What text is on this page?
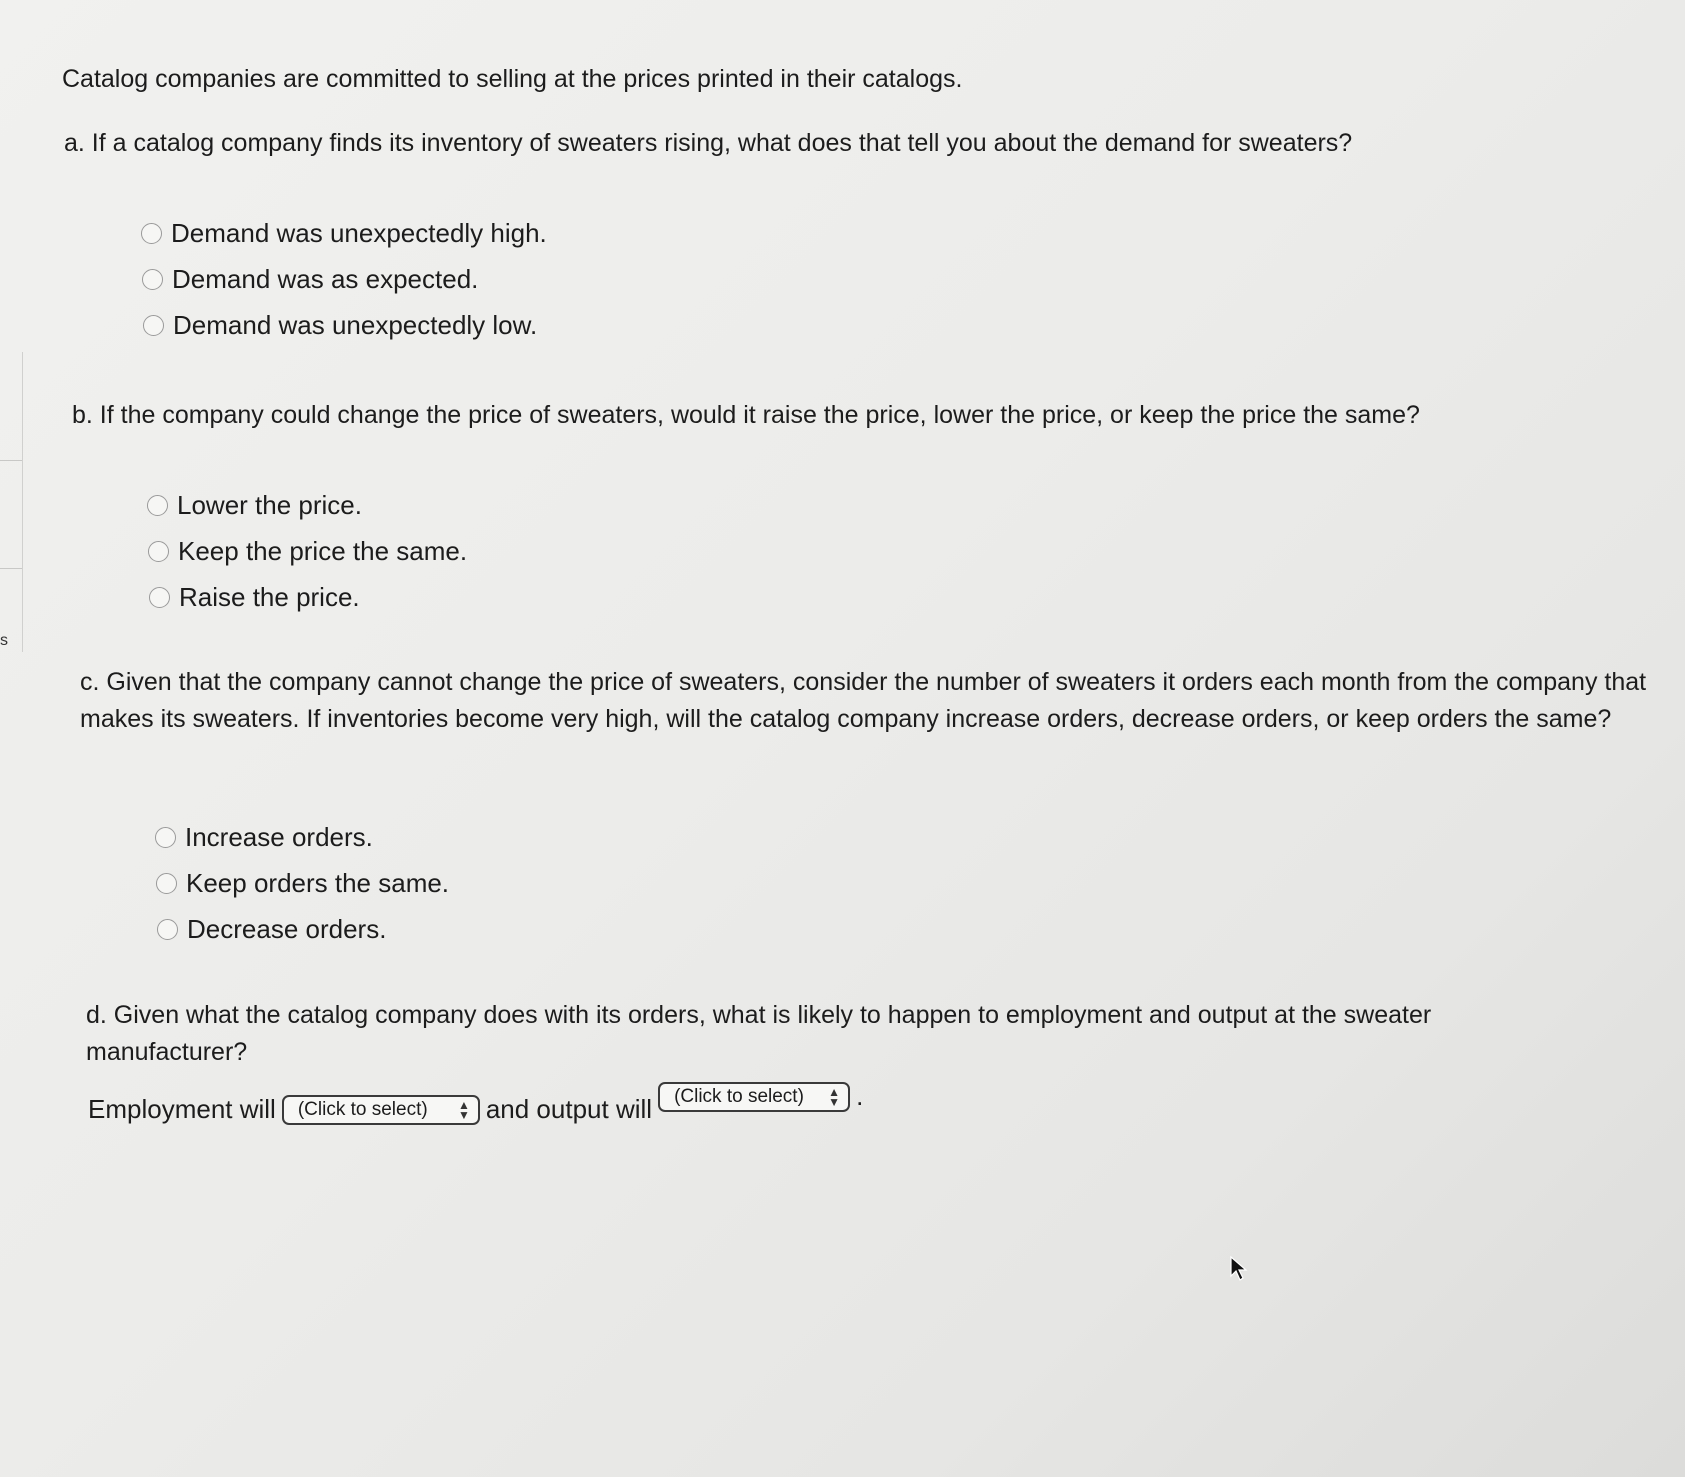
s
Catalog companies are committed to selling at the prices printed in their catalogs.
a. If a catalog company finds its inventory of sweaters rising, what does that tell you about the demand for sweaters?
Demand was unexpectedly high.
Demand was as expected.
Demand was unexpectedly low.
b. If the company could change the price of sweaters, would it raise the price, lower the price, or keep the price the same?
Lower the price.
Keep the price the same.
Raise the price.
c. Given that the company cannot change the price of sweaters, consider the number of sweaters it orders each month from the company that makes its sweaters. If inventories become very high, will the catalog company increase orders, decrease orders, or keep orders the same?
Increase orders.
Keep orders the same.
Decrease orders.
d. Given what the catalog company does with its orders, what is likely to happen to employment and output at the sweater manufacturer?
Employment will (Click to select)	▲
▼ and output will (Click to select) ▲
▼ .
